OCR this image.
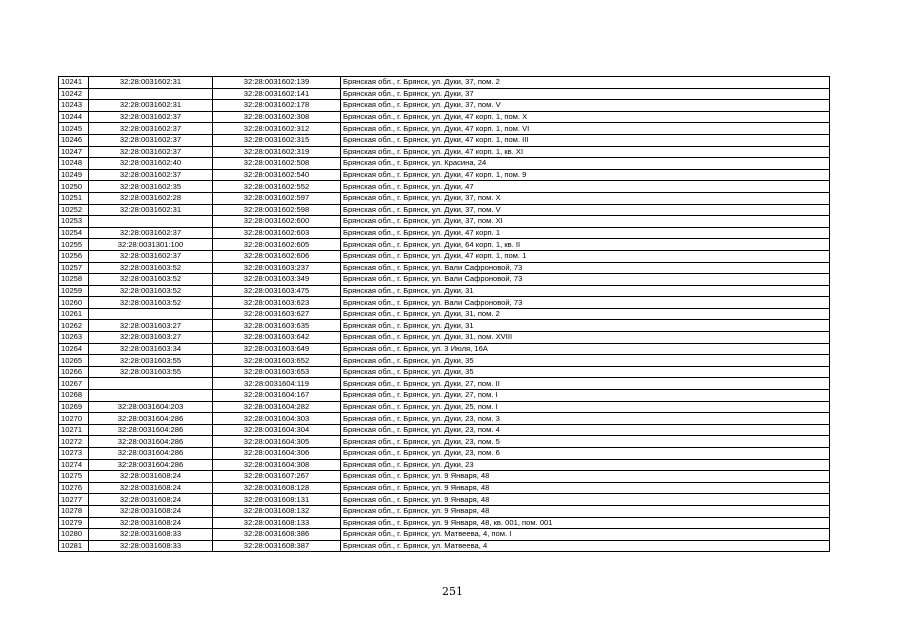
10241	32:28:0031602:31	32:28:0031602:139	Брянская обл., г. Брянск, ул. Дуки, 37, пом. 2
10242		32:28:0031602:141	Брянская обл., г. Брянск, ул. Дуки, 37
10243	32:28:0031602:31	32:28:0031602:178	Брянская обл., г. Брянск, ул. Дуки, 37, пом. V
10244	32:28:0031602:37	32:28:0031602:308	Брянская обл., г. Брянск, ул. Дуки, 47 корп. 1, пом. X
10245	32:28:0031602:37	32:28:0031602:312	Брянская обл., г. Брянск, ул. Дуки, 47 корп. 1, пом. VI
10246	32:28:0031602:37	32:28:0031602:315	Брянская обл., г. Брянск, ул. Дуки, 47 корп. 1, пом. III
10247	32:28:0031602:37	32:28:0031602:319	Брянская обл., г. Брянск, ул. Дуки, 47 корп. 1, кв. XI
10248	32:28:0031602:40	32:28:0031602:508	Брянская обл., г. Брянск, ул. Красина, 24
10249	32:28:0031602:37	32:28:0031602:540	Брянская обл., г. Брянск, ул. Дуки, 47 корп. 1, пом. 9
10250	32:28:0031602:35	32:28:0031602:552	Брянская обл., г. Брянск, ул. Дуки, 47
10251	32:28:0031602:28	32:28:0031602:597	Брянская обл., г. Брянск, ул. Дуки, 37, пом. X
10252	32:28:0031602:31	32:28:0031602:598	Брянская обл., г. Брянск, ул. Дуки, 37, пом. V
10253		32:28:0031602:600	Брянская обл., г. Брянск, ул. Дуки, 37, пом. XI
10254	32:28:0031602:37	32:28:0031602:603	Брянская обл., г. Брянск, ул. Дуки, 47 корп. 1
10255	32:28:0031301:100	32:28:0031602:605	Брянская обл., г. Брянск, ул. Дуки, 64 корп. 1, кв. II
10256	32:28:0031602:37	32:28:0031602:606	Брянская обл., г. Брянск, ул. Дуки, 47 корп. 1, пом. 1
10257	32:28:0031603:52	32:28:0031603:237	Брянская обл., г. Брянск, ул. Вали Сафроновой, 73
10258	32:28:0031603:52	32:28:0031603:349	Брянская обл., г. Брянск, ул. Вали Сафроновой, 73
10259	32:28:0031603:52	32:28:0031603:475	Брянская обл., г. Брянск, ул. Дуки, 31
10260	32:28:0031603:52	32:28:0031603:623	Брянская обл., г. Брянск, ул. Вали Сафроновой, 73
10261		32:28:0031603:627	Брянская обл., г. Брянск, ул. Дуки, 31, пом. 2
10262	32:28:0031603:27	32:28:0031603:635	Брянская обл., г. Брянск, ул. Дуки, 31
10263	32:28:0031603:27	32:28:0031603:642	Брянская обл., г. Брянск, ул. Дуки, 31, пом. XVIII
10264	32:28:0031603:34	32:28:0031603:649	Брянская обл., г. Брянск, ул. 3 Июля, 16А
10265	32:28:0031603:55	32:28:0031603:652	Брянская обл., г. Брянск, ул. Дуки, 35
10266	32:28:0031603:55	32:28:0031603:653	Брянская обл., г. Брянск, ул. Дуки, 35
10267		32:28:0031604:119	Брянская обл., г. Брянск, ул. Дуки, 27, пом. II
10268		32:28:0031604:167	Брянская обл., г. Брянск, ул. Дуки, 27, пом. I
10269	32:28:0031604:203	32:28:0031604:282	Брянская обл., г. Брянск, ул. Дуки, 25, пом. I
10270	32:28:0031604:286	32:28:0031604:303	Брянская обл., г. Брянск, ул. Дуки, 23, пом. 3
10271	32:28:0031604:286	32:28:0031604:304	Брянская обл., г. Брянск, ул. Дуки, 23, пом. 4
10272	32:28:0031604:286	32:28:0031604:305	Брянская обл., г. Брянск, ул. Дуки, 23, пом. 5
10273	32:28:0031604:286	32:28:0031604:306	Брянская обл., г. Брянск, ул. Дуки, 23, пом. 6
10274	32:28:0031604:286	32:28:0031604:308	Брянская обл., г. Брянск, ул. Дуки, 23
10275	32:28:0031608:24	32:28:0031607:267	Брянская обл., г. Брянск, ул. 9 Января, 48
10276	32:28:0031608:24	32:28:0031608:128	Брянская обл., г. Брянск, ул. 9 Января, 48
10277	32:28:0031608:24	32:28:0031608:131	Брянская обл., г. Брянск, ул. 9 Января, 48
10278	32:28:0031608:24	32:28:0031608:132	Брянская обл., г. Брянск, ул. 9 Января, 48
10279	32:28:0031608:24	32:28:0031608:133	Брянская обл., г. Брянск, ул. 9 Января, 48, кв. 001, пом. 001
10280	32:28:0031608:33	32:28:0031608:386	Брянская обл., г. Брянск, ул. Матвеева, 4, пом. I
10281	32:28:0031608:33	32:28:0031608:387	Брянская обл., г. Брянск, ул. Матвеева, 4
251
